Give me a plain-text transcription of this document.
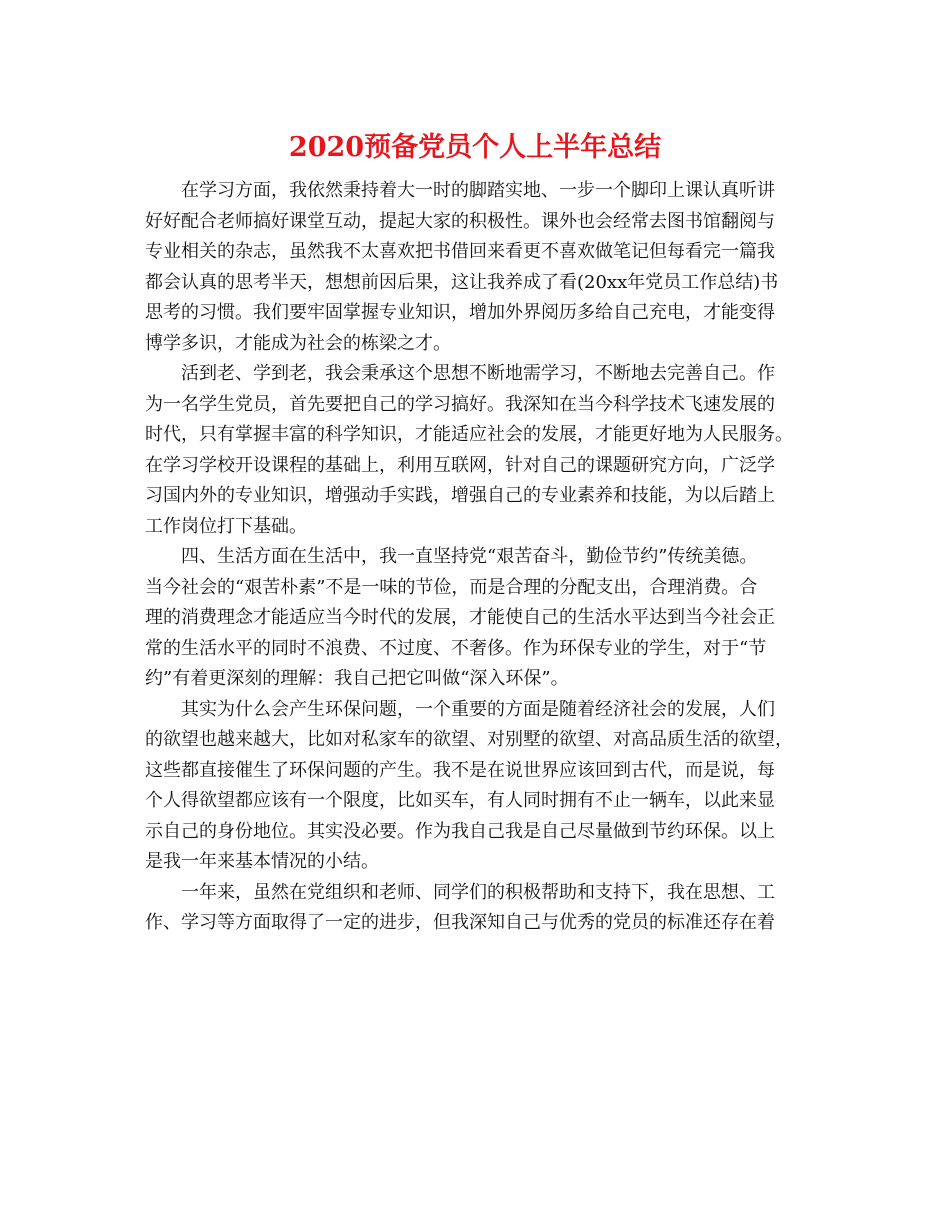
2020预备党员个人上半年总结
在学习方面，我依然秉持着大一时的脚踏实地、一步一个脚印上课认真听讲
好好配合老师搞好课堂互动，提起大家的积极性。课外也会经常去图书馆翻阅与
专业相关的杂志，虽然我不太喜欢把书借回来看更不喜欢做笔记但每看完一篇我
都会认真的思考半天，想想前因后果，这让我养成了看(20xx年党员工作总结)书
思考的习惯。我们要牢固掌握专业知识，增加外界阅历多给自己充电，才能变得
博学多识，才能成为社会的栋梁之才。
活到老、学到老，我会秉承这个思想不断地需学习，不断地去完善自己。作
为一名学生党员，首先要把自己的学习搞好。我深知在当今科学技术飞速发展的
时代，只有掌握丰富的科学知识，才能适应社会的发展，才能更好地为人民服务。
在学习学校开设课程的基础上，利用互联网，针对自己的课题研究方向，广泛学
习国内外的专业知识，增强动手实践，增强自己的专业素养和技能，为以后踏上
工作岗位打下基础。
四、生活方面在生活中，我一直坚持党“艰苦奋斗，勤俭节约”传统美德。
当今社会的“艰苦朴素”不是一味的节俭，而是合理的分配支出，合理消费。合
理的消费理念才能适应当今时代的发展，才能使自己的生活水平达到当今社会正
常的生活水平的同时不浪费、不过度、不奢侈。作为环保专业的学生，对于“节
约”有着更深刻的理解：我自己把它叫做“深入环保”。
其实为什么会产生环保问题，一个重要的方面是随着经济社会的发展，人们
的欲望也越来越大，比如对私家车的欲望、对别墅的欲望、对高品质生活的欲望，
这些都直接催生了环保问题的产生。我不是在说世界应该回到古代，而是说，每
个人得欲望都应该有一个限度，比如买车，有人同时拥有不止一辆车，以此来显
示自己的身份地位。其实没必要。作为我自己我是自己尽量做到节约环保。以上
是我一年来基本情况的小结。
一年来，虽然在党组织和老师、同学们的积极帮助和支持下，我在思想、工
作、学习等方面取得了一定的进步，但我深知自己与优秀的党员的标准还存在着
